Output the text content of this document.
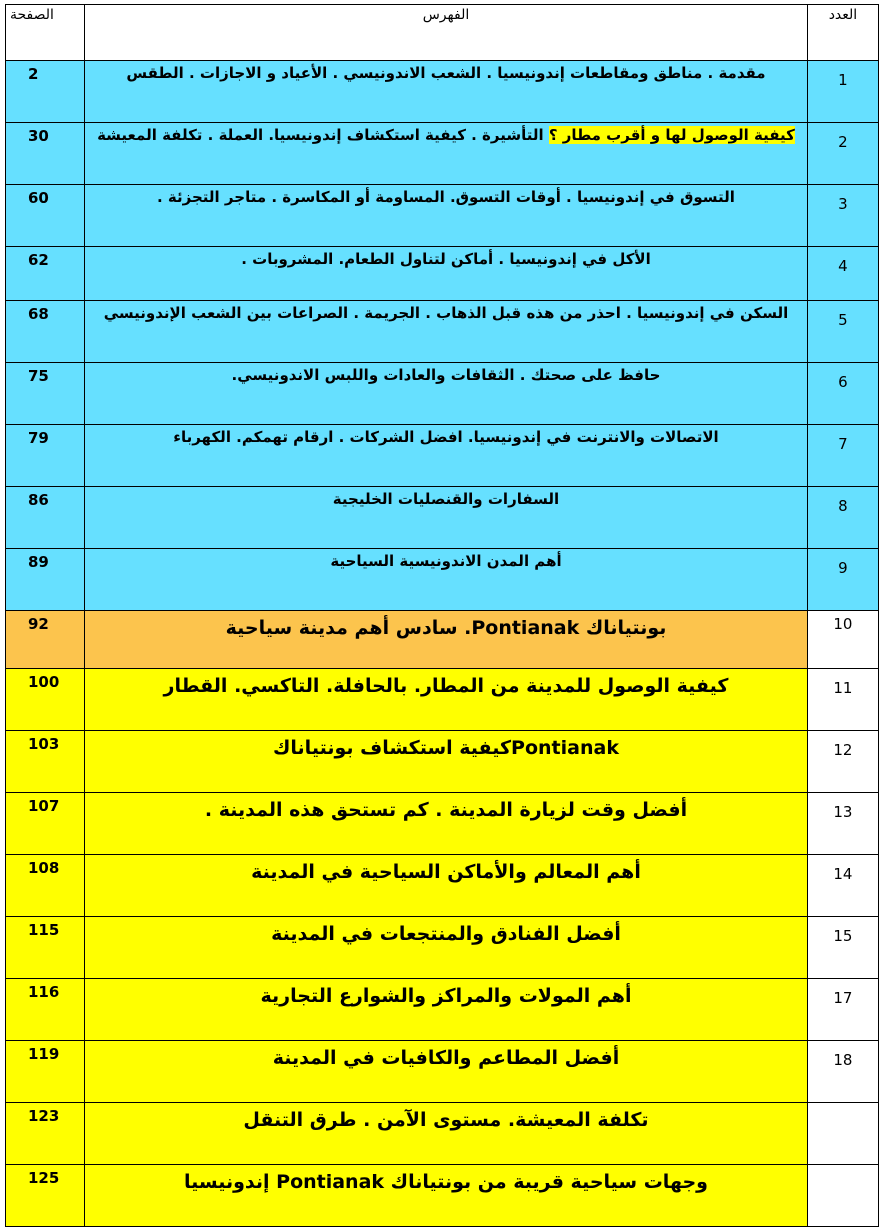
الصفحة	الفهرس	العدد
2	مقدمة . مناطق ومقاطعات إندونيسيا . الشعب الاندونيسي . الأعياد و الاجازات . الطقس	1
30	كيفية الوصول لها و أقرب مطار ؟ التأشيرة . كيفية استكشاف إندونيسيا. العملة . تكلفة المعيشة	2
60	التسوق في إندونيسيا . أوقات التسوق. المساومة أو المكاسرة . متاجر التجزئة .	3
62	الأكل في إندونيسيا . أماكن لتناول الطعام. المشروبات .	4
68	السكن في إندونيسيا . احذر من هذه قبل الذهاب . الجريمة . الصراعات بين الشعب الإندونيسي	5
75	حافظ على صحتك . الثقافات والعادات واللبس الاندونيسي.	6
79	الاتصالات والانترنت في إندونيسيا. افضل الشركات . ارقام تهمكم. الكهرباء	7
86	السفارات والقنصليات الخليجية	8
89	أهم المدن الاندونيسية السياحية	9
92	بونتياناك Pontianak. سادس أهم مدينة سياحية	10
100	كيفية الوصول للمدينة من المطار. بالحافلة. التاكسي. القطار	11
103	Pontianakكيفية استكشاف بونتياناك	12
107	أفضل وقت لزيارة المدينة . كم تستحق هذه المدينة .	13
108	أهم المعالم والأماكن السياحية في المدينة	14
115	أفضل الفنادق والمنتجعات في المدينة	15
116	أهم المولات والمراكز والشوارع التجارية	17
119	أفضل المطاعم والكافيات في المدينة	18
123	تكلفة المعيشة. مستوى الآمن . طرق التنقل	
125	وجهات سياحية قريبة من بونتياناك Pontianak إندونيسيا	
